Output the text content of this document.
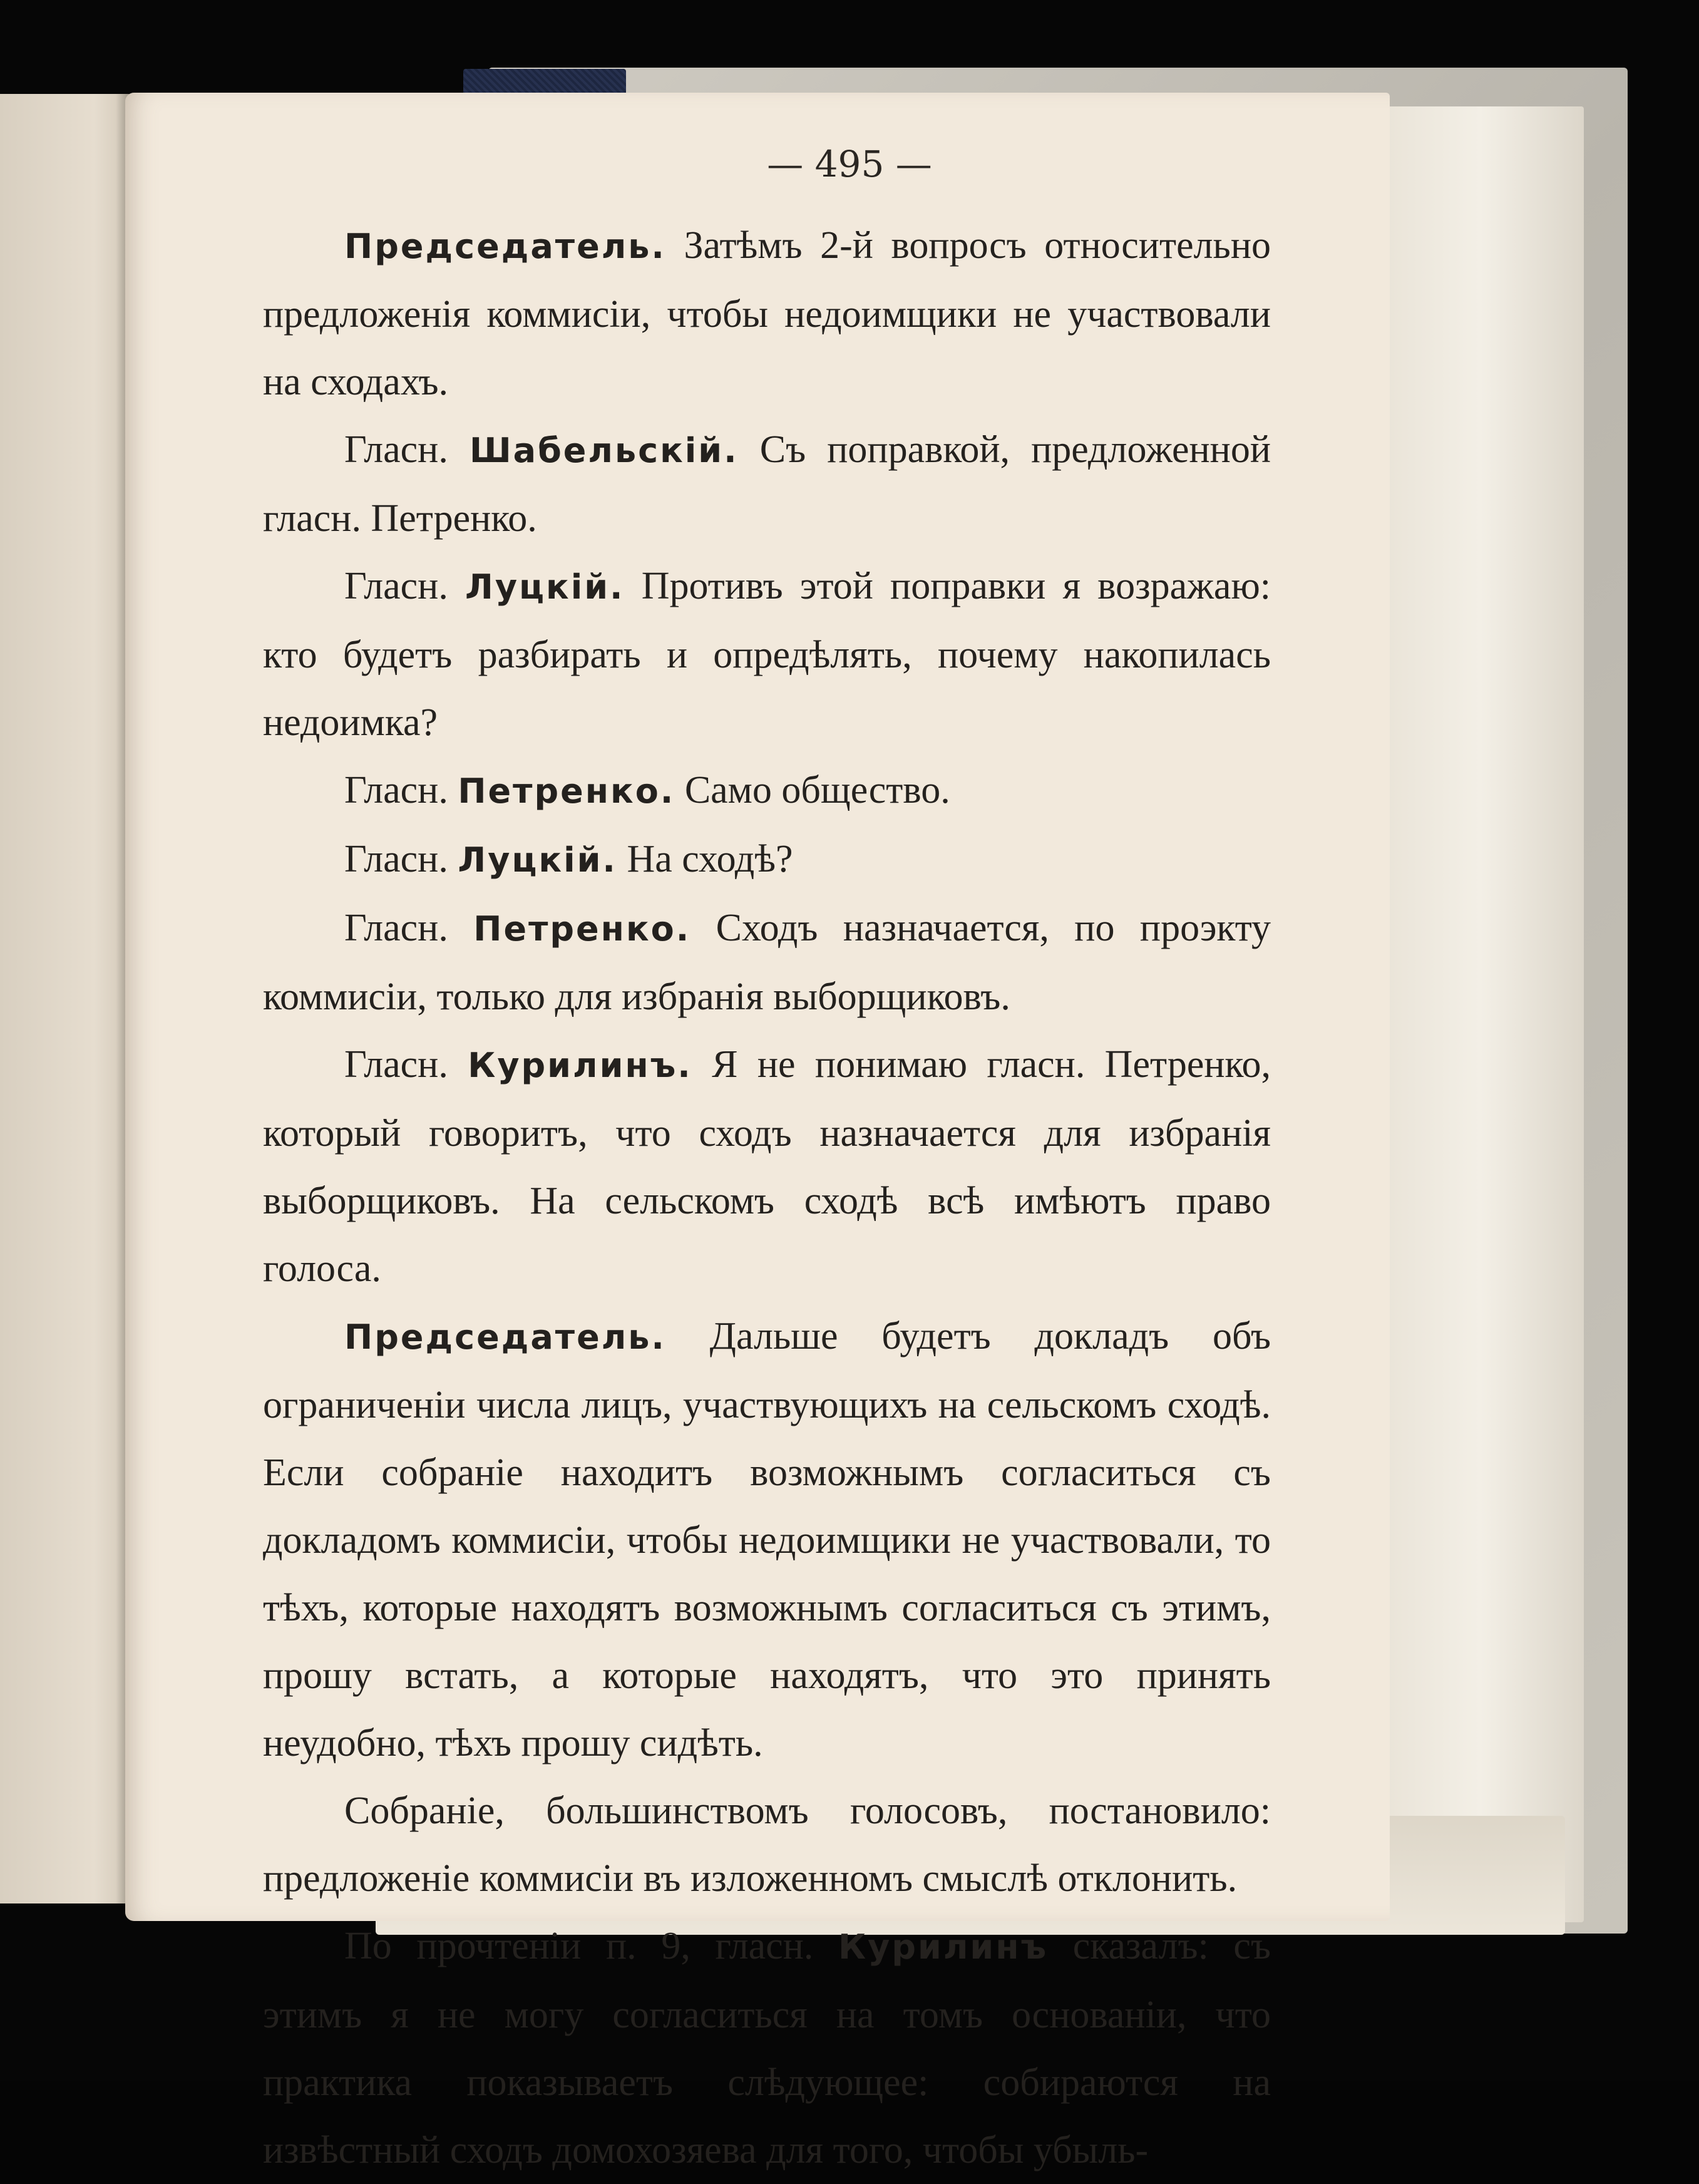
— 495 —

Председатель. Затѣмъ 2-й вопросъ относительно предложенія коммисіи, чтобы недоимщики не участвовали на сходахъ.

Гласн. Шабельскій. Съ поправкой, предложенной гласн. Петренко.

Гласн. Луцкій. Противъ этой поправки я возражаю: кто будетъ разбирать и опредѣлять, почему накопилась недоимка?

Гласн. Петренко. Само общество.

Гласн. Луцкій. На сходѣ?

Гласн. Петренко. Сходъ назначается, по проэкту коммисіи, только для избранія выборщиковъ.

Гласн. Курилинъ. Я не понимаю гласн. Петренко, который говоритъ, что сходъ назначается для избранія выборщиковъ. На сельскомъ сходѣ всѣ имѣютъ право голоса.

Председатель. Дальше будетъ докладъ объ ограниченіи числа лицъ, участвующихъ на сельскомъ сходѣ. Если собраніе находитъ возможнымъ согласиться съ докладомъ коммисіи, чтобы недоимщики не участвовали, то тѣхъ, которые находятъ возможнымъ согласиться съ этимъ, прошу встать, а которые находятъ, что это принять неудобно, тѣхъ прошу сидѣть.

Собраніе, большинствомъ голосовъ, постановило: предложеніе коммисіи въ изложенномъ смыслѣ отклонить.

По прочтеніи п. 9, гласн. Курилинъ сказалъ: съ этимъ я не могу согласиться на томъ основаніи, что практика показываетъ слѣдующее: собираются на извѣстный сходъ домохозяева для того, чтобы убыль-
